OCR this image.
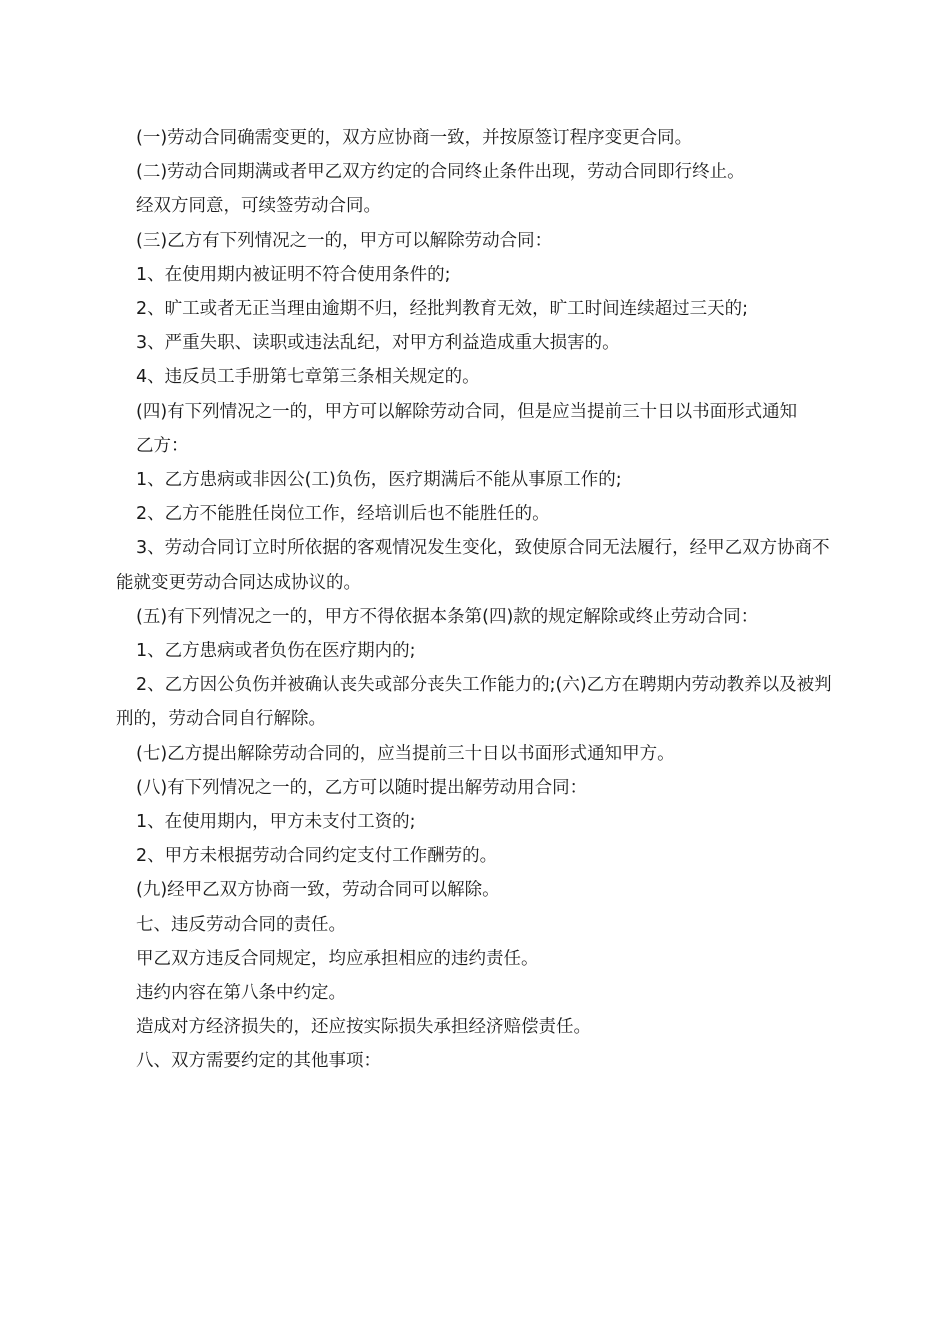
(一)劳动合同确需变更的，双方应协商一致，并按原签订程序变更合同。

(二)劳动合同期满或者甲乙双方约定的合同终止条件出现，劳动合同即行终止。

经双方同意，可续签劳动合同。

(三)乙方有下列情况之一的，甲方可以解除劳动合同：

1、在使用期内被证明不符合使用条件的;

2、旷工或者无正当理由逾期不归，经批判教育无效，旷工时间连续超过三天的;

3、严重失职、读职或违法乱纪，对甲方利益造成重大损害的。

4、违反员工手册第七章第三条相关规定的。

(四)有下列情况之一的，甲方可以解除劳动合同，但是应当提前三十日以书面形式通知

乙方：

1、乙方患病或非因公(工)负伤，医疗期满后不能从事原工作的;

2、乙方不能胜任岗位工作，经培训后也不能胜任的。

3、劳动合同订立时所依据的客观情况发生变化，致使原合同无法履行，经甲乙双方协商不能就变更劳动合同达成协议的。

(五)有下列情况之一的，甲方不得依据本条第(四)款的规定解除或终止劳动合同：

1、乙方患病或者负伤在医疗期内的;

2、乙方因公负伤并被确认丧失或部分丧失工作能力的;(六)乙方在聘期内劳动教养以及被判刑的，劳动合同自行解除。

(七)乙方提出解除劳动合同的，应当提前三十日以书面形式通知甲方。

(八)有下列情况之一的，乙方可以随时提出解劳动用合同：

1、在使用期内，甲方未支付工资的;

2、甲方未根据劳动合同约定支付工作酬劳的。

(九)经甲乙双方协商一致，劳动合同可以解除。

七、违反劳动合同的责任。

甲乙双方违反合同规定，均应承担相应的违约责任。

违约内容在第八条中约定。

造成对方经济损失的，还应按实际损失承担经济赔偿责任。

八、双方需要约定的其他事项：
